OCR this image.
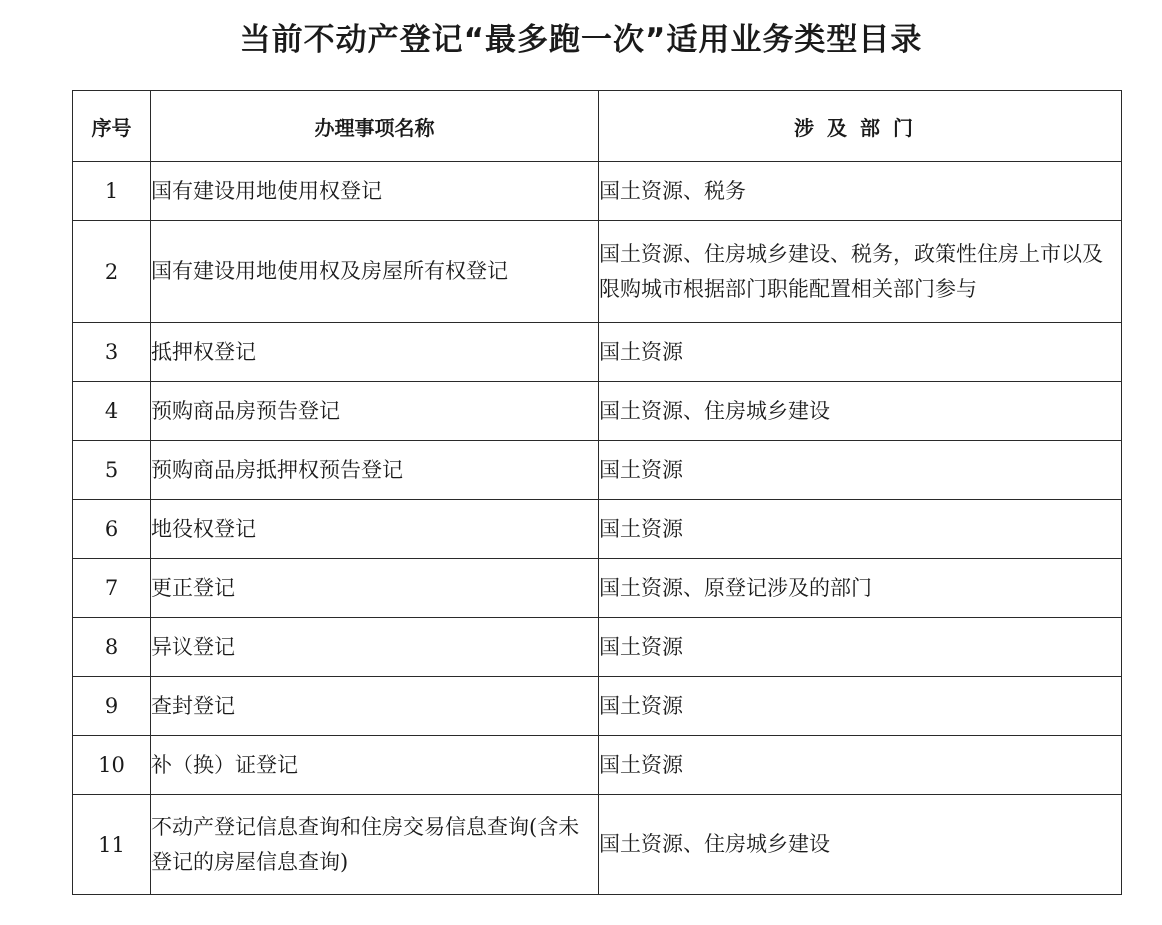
当前不动产登记“最多跑一次”适用业务类型目录
序号	办理事项名称	涉及部门
1	国有建设用地使用权登记	国土资源、税务
2	国有建设用地使用权及房屋所有权登记	国土资源、住房城乡建设、税务，政策性住房上市以及限购城市根据部门职能配置相关部门参与
3	抵押权登记	国土资源
4	预购商品房预告登记	国土资源、住房城乡建设
5	预购商品房抵押权预告登记	国土资源
6	地役权登记	国土资源
7	更正登记	国土资源、原登记涉及的部门
8	异议登记	国土资源
9	查封登记	国土资源
10	补（换）证登记	国土资源
11	不动产登记信息查询和住房交易信息查询(含未登记的房屋信息查询)	国土资源、住房城乡建设
